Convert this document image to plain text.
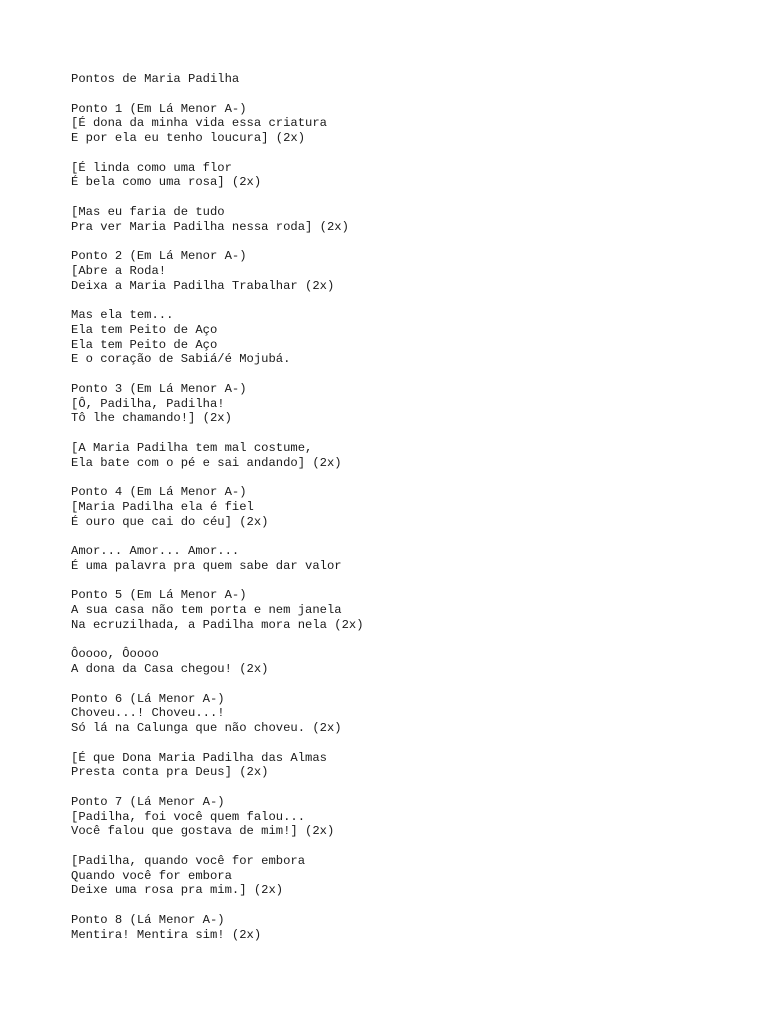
Pontos de Maria Padilha
Ponto 1 (Em Lá Menor A-)
[É dona da minha vida essa criatura
E por ela eu tenho loucura] (2x)
[É linda como uma flor
É bela como uma rosa] (2x)
[Mas eu faria de tudo
Pra ver Maria Padilha nessa roda] (2x)
Ponto 2 (Em Lá Menor A-)
[Abre a Roda!
Deixa a Maria Padilha Trabalhar (2x)
Mas ela tem...
Ela tem Peito de Aço
Ela tem Peito de Aço
E o coração de Sabiá/é Mojubá.
Ponto 3 (Em Lá Menor A-)
[Ô, Padilha, Padilha!
Tô lhe chamando!] (2x)
[A Maria Padilha tem mal costume,
Ela bate com o pé e sai andando] (2x)
Ponto 4 (Em Lá Menor A-)
[Maria Padilha ela é fiel
É ouro que cai do céu] (2x)
Amor... Amor... Amor...
É uma palavra pra quem sabe dar valor
Ponto 5 (Em Lá Menor A-)
A sua casa não tem porta e nem janela
Na ecruzilhada, a Padilha mora nela (2x)
Ôoooo, Ôoooo
A dona da Casa chegou! (2x)
Ponto 6 (Lá Menor A-)
Choveu...! Choveu...!
Só lá na Calunga que não choveu. (2x)
[É que Dona Maria Padilha das Almas
Presta conta pra Deus] (2x)
Ponto 7 (Lá Menor A-)
[Padilha, foi você quem falou...
Você falou que gostava de mim!] (2x)
[Padilha, quando você for embora
Quando você for embora
Deixe uma rosa pra mim.] (2x)
Ponto 8 (Lá Menor A-)
Mentira! Mentira sim! (2x)
